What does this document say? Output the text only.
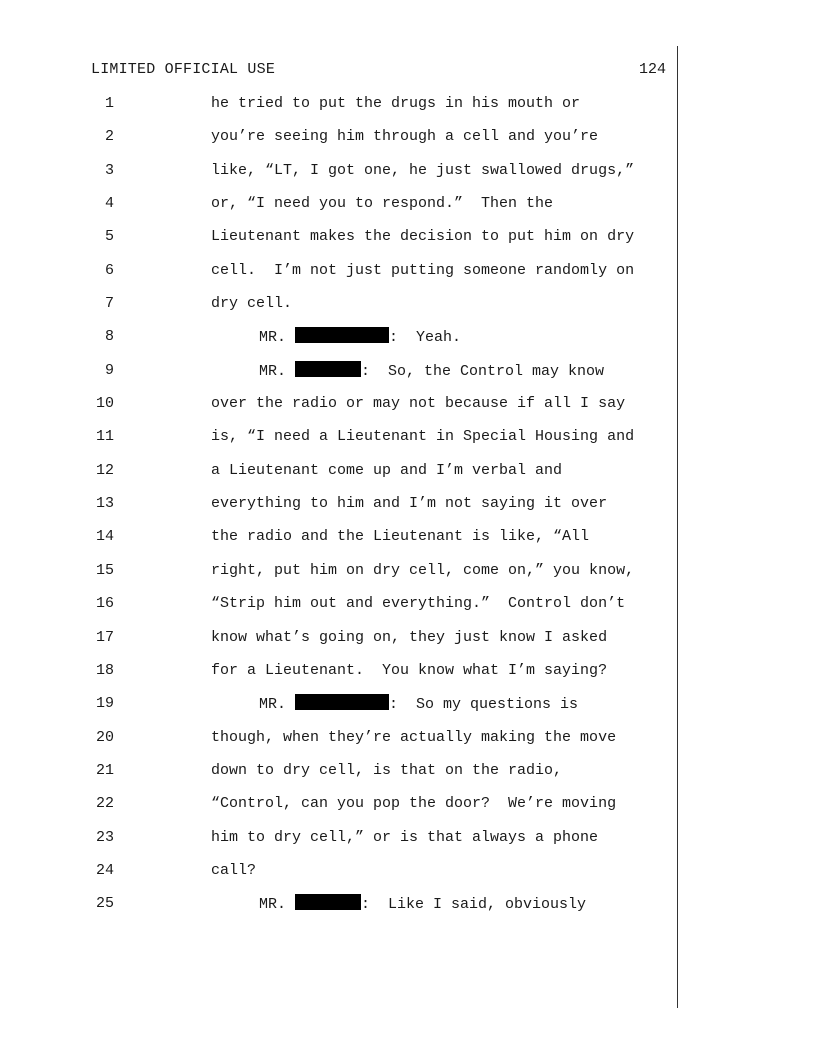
LIMITED OFFICIAL USE	124
1	he tried to put the drugs in his mouth or
2	you’re seeing him through a cell and you’re
3	like, “LT, I got one, he just swallowed drugs,”
4	or, “I need you to respond.”  Then the
5	Lieutenant makes the decision to put him on dry
6	cell.  I’m not just putting someone randomly on
7	dry cell.
8	MR.	:  Yeah.
9	MR.	:  So, the Control may know
10	over the radio or may not because if all I say
11	is, “I need a Lieutenant in Special Housing and
12	a Lieutenant come up and I’m verbal and
13	everything to him and I’m not saying it over
14	the radio and the Lieutenant is like, “All
15	right, put him on dry cell, come on,” you know,
16	“Strip him out and everything.”  Control don’t
17	know what’s going on, they just know I asked
18	for a Lieutenant.  You know what I’m saying?
19	MR.	:  So my questions is
20	though, when they’re actually making the move
21	down to dry cell, is that on the radio,
22	“Control, can you pop the door?  We’re moving
23	him to dry cell,” or is that always a phone
24	call?
25	MR.	:  Like I said, obviously
